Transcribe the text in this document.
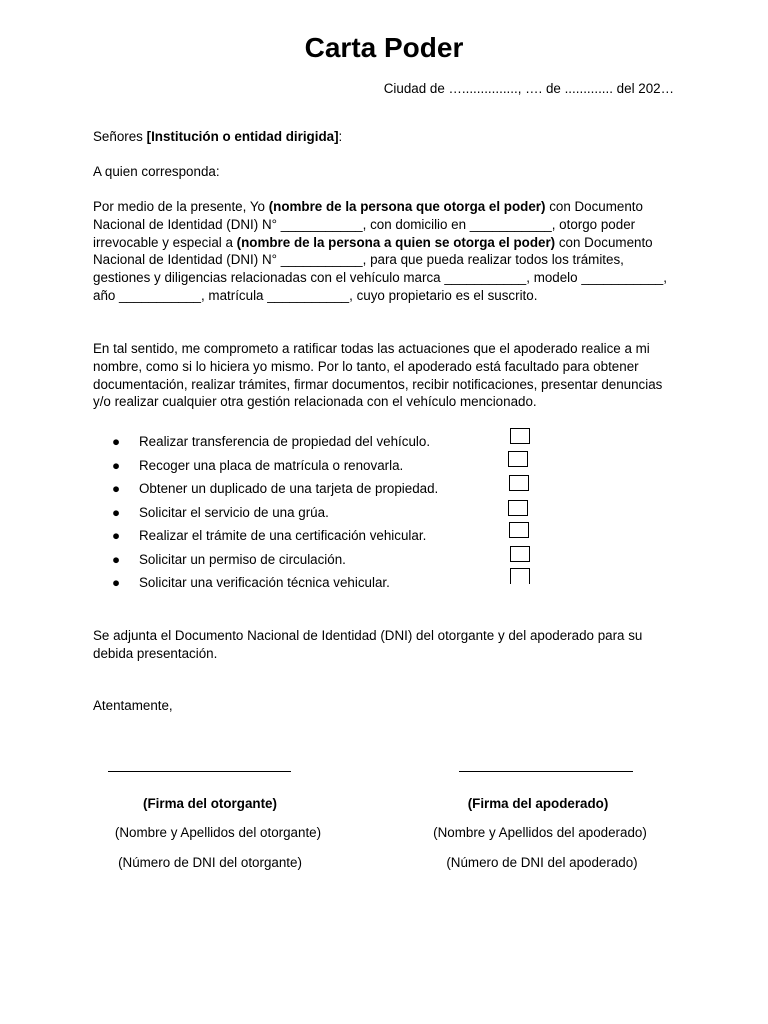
Carta Poder
Ciudad de …..............., …. de ............. del 202…

Señores [Institución o entidad dirigida]:

A quien corresponda:

Por medio de la presente, Yo (nombre de la persona que otorga el poder) con Documento Nacional de Identidad (DNI) N° ___________, con domicilio en ___________, otorgo poder irrevocable y especial a (nombre de la persona a quien se otorga el poder) con Documento Nacional de Identidad (DNI) N° ___________, para que pueda realizar todos los trámites, gestiones y diligencias relacionadas con el vehículo marca ___________, modelo ___________, año ___________, matrícula ___________, cuyo propietario es el suscrito.

En tal sentido, me comprometo a ratificar todas las actuaciones que el apoderado realice a mi nombre, como si lo hiciera yo mismo. Por lo tanto, el apoderado está facultado para obtener documentación, realizar trámites, firmar documentos, recibir notificaciones, presentar denuncias y/o realizar cualquier otra gestión relacionada con el vehículo mencionado.

●	Realizar transferencia de propiedad del vehículo.
●	Recoger una placa de matrícula o renovarla.
●	Obtener un duplicado de una tarjeta de propiedad.
●	Solicitar el servicio de una grúa.
●	Realizar el trámite de una certificación vehicular.
●	Solicitar un permiso de circulación.
●	Solicitar una verificación técnica vehicular.

Se adjunta el Documento Nacional de Identidad (DNI) del otorgante y del apoderado para su debida presentación.

Atentamente,

(Firma del otorgante)
(Nombre y Apellidos del otorgante)
(Número de DNI del otorgante)
(Firma del apoderado)
(Nombre y Apellidos del apoderado)
(Número de DNI del apoderado)
